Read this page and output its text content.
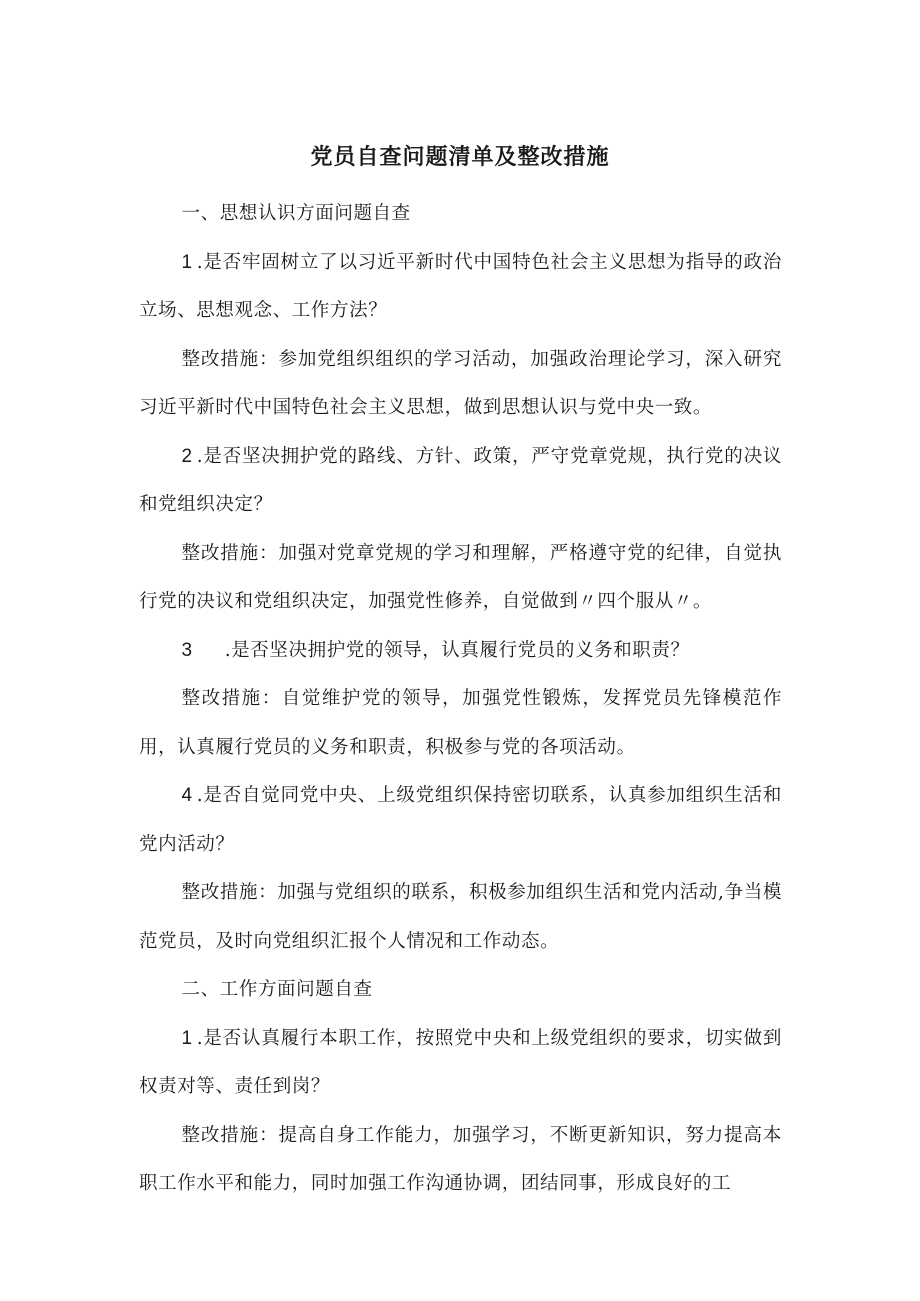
党员自查问题清单及整改措施

一、思想认识方面问题自查

1 .是否牢固树立了以习近平新时代中国特色社会主义思想为指导的政治立场、思想观念、工作方法？

整改措施：参加党组织组织的学习活动，加强政治理论学习，深入研究习近平新时代中国特色社会主义思想，做到思想认识与党中央一致。

2 .是否坚决拥护党的路线、方针、政策，严守党章党规，执行党的决议和党组织决定？

整改措施：加强对党章党规的学习和理解，严格遵守党的纪律，自觉执行党的决议和党组织决定，加强党性修养，自觉做到〃四个服从〃。

3 .是否坚决拥护党的领导，认真履行党员的义务和职责？

整改措施：自觉维护党的领导，加强党性锻炼，发挥党员先锋模范作用，认真履行党员的义务和职责，积极参与党的各项活动。

4 .是否自觉同党中央、上级党组织保持密切联系，认真参加组织生活和党内活动？

整改措施：加强与党组织的联系，积极参加组织生活和党内活动,争当模范党员，及时向党组织汇报个人情况和工作动态。

二、工作方面问题自查

1 .是否认真履行本职工作，按照党中央和上级党组织的要求，切实做到权责对等、责任到岗？

整改措施：提高自身工作能力，加强学习，不断更新知识，努力提高本职工作水平和能力，同时加强工作沟通协调，团结同事，形成良好的工
